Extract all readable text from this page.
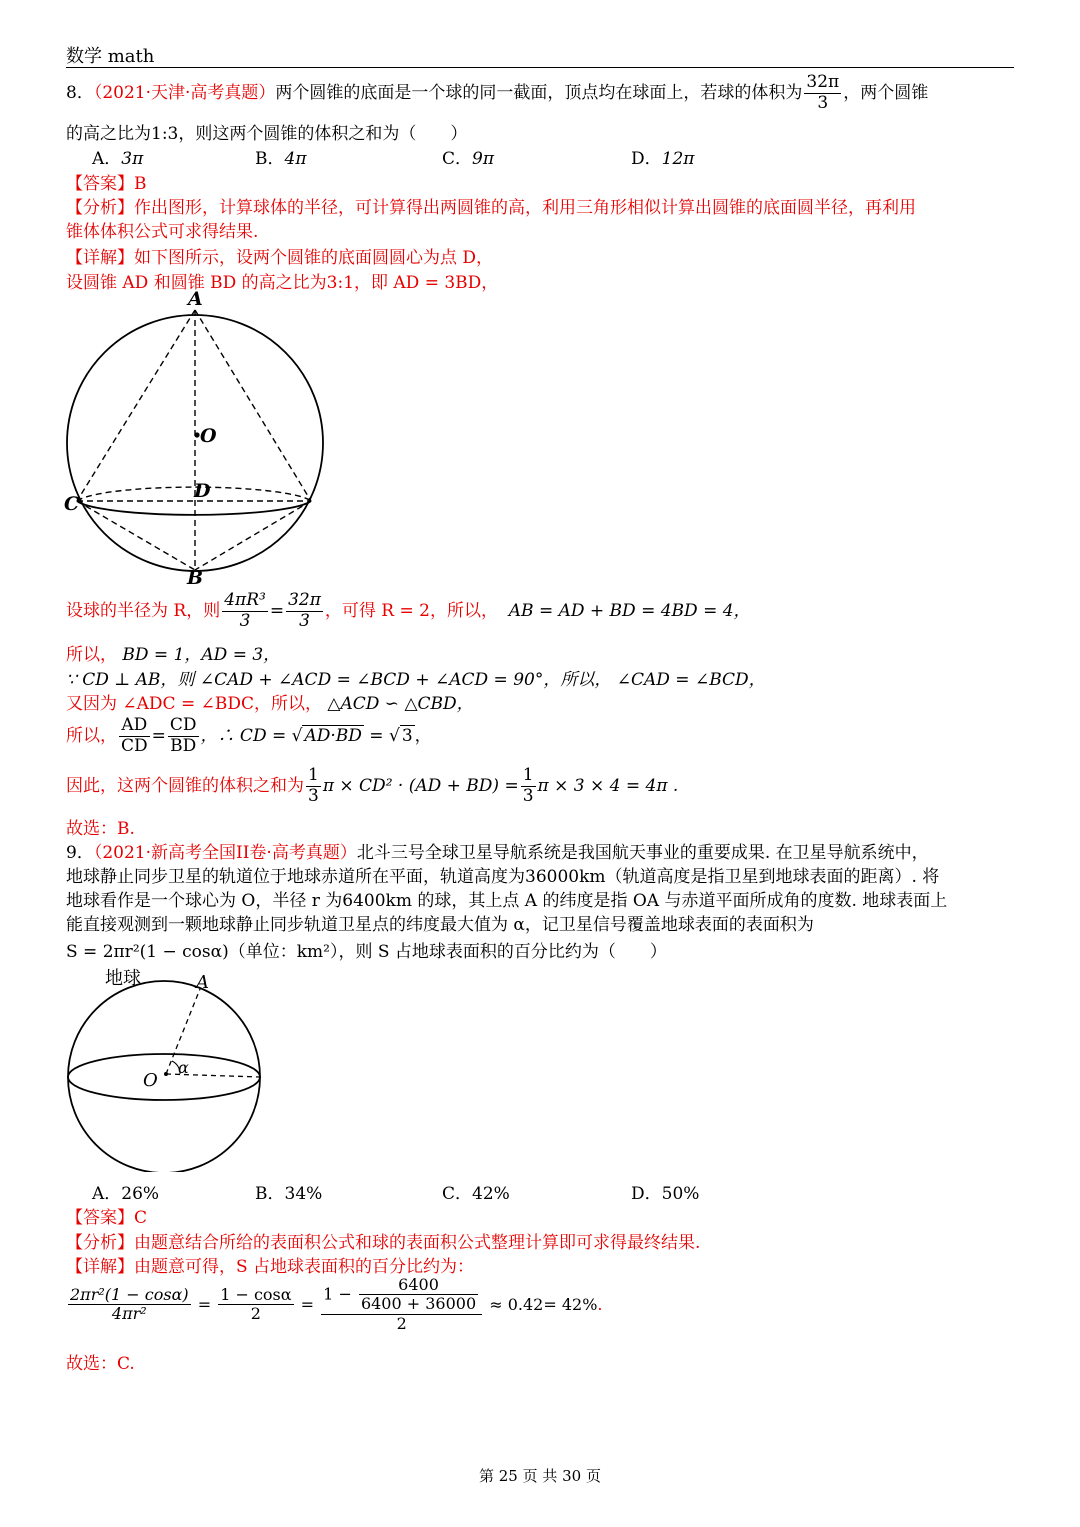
数学 math
8．（2021·天津·高考真题）两个圆锥的底面是一个球的同一截面，顶点均在球面上，若球的体积为 $\frac{32\pi}{3}$ ，两个圆锥
的高之比为1:3，则这两个圆锥的体积之和为（　　）
A．3π	B．4π	C．9π	D．12π
【答案】B
【分析】作出图形，计算球体的半径，可计算得出两圆锥的高，利用三角形相似计算出圆锥的底面圆半径，再利用
锥体体积公式可求得结果.
【详解】如下图所示，设两个圆锥的底面圆圆心为点 D，
设圆锥 AD 和圆锥 BD 的高之比为3:1，即 AD = 3BD，
A
O
C
D
B
设球的半径为 R，则 $\frac{\text{4πR³}}{3} = \frac{32\pi}{3}$ ，可得 R = 2，所以， AB = AD + BD = 4BD = 4，
所以， BD = 1，AD = 3，
∵ CD ⊥ AB，则 ∠CAD + ∠ACD = ∠BCD + ∠ACD = 90°，所以， ∠CAD = ∠BCD，
又因为 ∠ADC = ∠BDC，所以， △ACD ∽ △CBD，
所以， $\frac{AD}{CD} = \frac{CD}{BD}$ ，∴ CD = √ AD·BD = √ 3 ，
因此，这两个圆锥的体积之和为 $\frac{1}{3}$ $\pi \times CD^2 \cdot (AD + BD) = \frac{1}{3}$ π × 3 × 4 = 4π .
故选：B.
9．（2021·新高考全国II卷·高考真题）北斗三号全球卫星导航系统是我国航天事业的重要成果. 在卫星导航系统中，
地球静止同步卫星的轨道位于地球赤道所在平面，轨道高度为36000km（轨道高度是指卫星到地球表面的距离）. 将
地球看作是一个球心为 O，半径 r 为6400km 的球，其上点 A 的纬度是指 OA 与赤道平面所成角的度数. 地球表面上
能直接观测到一颗地球静止同步轨道卫星点的纬度最大值为 α，记卫星信号覆盖地球表面的表面积为
S = 2πr²(1 − cosα)（单位：km²），则 S 占地球表面积的百分比约为（　　）
地球	A
O
α
A．26%	B．34%	C．42%	D．50%
【答案】C
【分析】由题意结合所给的表面积公式和球的表面积公式整理计算即可求得最终结果.
【详解】由题意可得，S 占地球表面积的百分比约为：
$\frac{\text{2πr²(1 − cosα)}}{\text{4πr²}} = \frac{1 - \cos\alpha}{2} = \frac{1 - \frac{6400}{6400 + 36000}}{2} \approx 0.42= 42\%$.
故选：C.
第 25 页 共 30 页
